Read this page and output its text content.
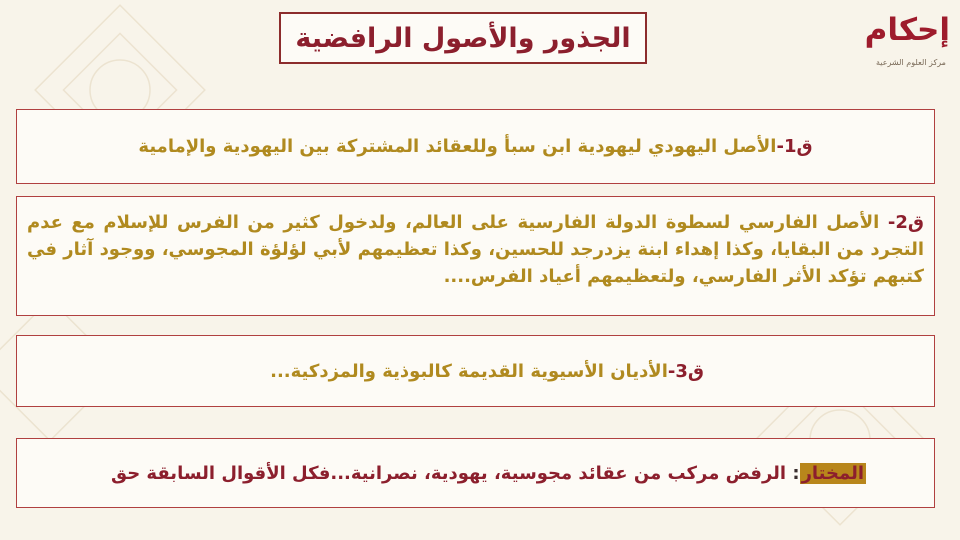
الجذور والأصول الرافضية	إحكام
مركز العلوم الشرعية
ق1-الأصل اليهودي ليهودية ابن سبأ وللعقائد المشتركة بين اليهودية والإمامية
ق2- الأصل الفارسي لسطوة الدولة الفارسية على العالم، ولدخول كثير من الفرس للإسلام مع عدم التجرد من البقايا، وكذا إهداء ابنة يزدرجد للحسين، وكذا تعظيمهم لأبي لؤلؤة المجوسي، ووجود آثار في كتبهم تؤكد الأثر الفارسي، ولتعظيمهم أعياد الفرس....
ق3-الأديان الأسيوية القديمة كالبوذية والمزدكية...
المختار: الرفض مركب من عقائد مجوسية، يهودية، نصرانية...فكل الأقوال السابقة حق
